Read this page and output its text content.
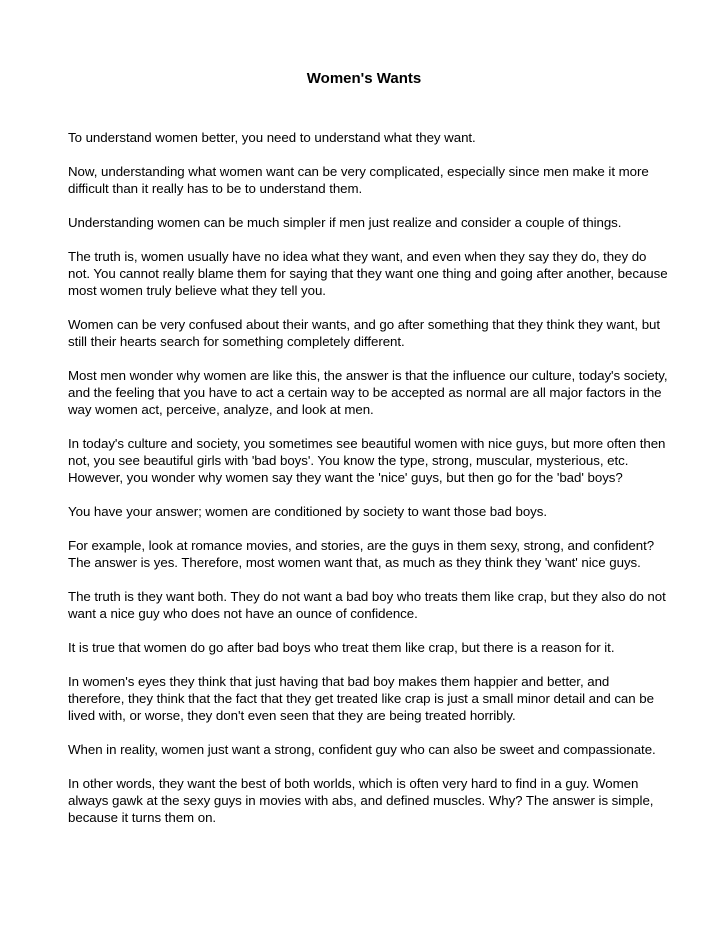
Women's Wants

To understand women better, you need to understand what they want.

Now, understanding what women want can be very complicated, especially since men make it more difficult than it really has to be to understand them.

Understanding women can be much simpler if men just realize and consider a couple of things.

The truth is, women usually have no idea what they want, and even when they say they do, they do not. You cannot really blame them for saying that they want one thing and going after another, because most women truly believe what they tell you.

Women can be very confused about their wants, and go after something that they think they want, but still their hearts search for something completely different.

Most men wonder why women are like this, the answer is that the influence our culture, today's society, and the feeling that you have to act a certain way to be accepted as normal are all major factors in the way women act, perceive, analyze, and look at men.

In today's culture and society, you sometimes see beautiful women with nice guys, but more often then not, you see beautiful girls with 'bad boys'. You know the type, strong, muscular, mysterious, etc. However, you wonder why women say they want the 'nice' guys, but then go for the 'bad' boys?

You have your answer; women are conditioned by society to want those bad boys.

For example, look at romance movies, and stories, are the guys in them sexy, strong, and confident? The answer is yes. Therefore, most women want that, as much as they think they 'want' nice guys.

The truth is they want both. They do not want a bad boy who treats them like crap, but they also do not want a nice guy who does not have an ounce of confidence.

It is true that women do go after bad boys who treat them like crap, but there is a reason for it.

In women's eyes they think that just having that bad boy makes them happier and better, and therefore, they think that the fact that they get treated like crap is just a small minor detail and can be lived with, or worse, they don't even seen that they are being treated horribly.

When in reality, women just want a strong, confident guy who can also be sweet and compassionate.

In other words, they want the best of both worlds, which is often very hard to find in a guy. Women always gawk at the sexy guys in movies with abs, and defined muscles. Why? The answer is simple, because it turns them on.
